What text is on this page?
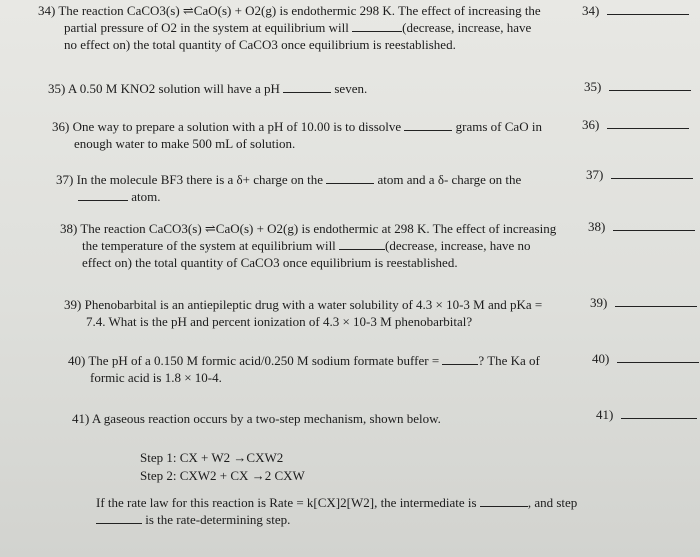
34) The reaction CaCO3(s) ⇌CaO(s) + O2(g) is endothermic 298 K. The effect of increasing the
partial pressure of O2 in the system at equilibrium will	(decrease, increase, have
no effect on) the total quantity of CaCO3 once equilibrium is reestablished.
34)
35) A 0.50 M KNO2 solution will have a pH	seven.	35)
36) One way to prepare a solution with a pH of 10.00 is to dissolve	grams of CaO in
enough water to make 500 mL of solution.
36)
37) In the molecule BF3 there is a δ+ charge on the	atom and a δ- charge on the
atom.
37)
38) The reaction CaCO3(s) ⇌CaO(s) + O2(g) is endothermic at 298 K. The effect of increasing
the temperature of the system at equilibrium will	(decrease, increase, have no
effect on) the total quantity of CaCO3 once equilibrium is reestablished.
38)
39) Phenobarbital is an antiepileptic drug with a water solubility of 4.3 × 10-3 M and pKa =
7.4. What is the pH and percent ionization of 4.3 × 10-3 M phenobarbital?
39)
40) The pH of a 0.150 M formic acid/0.250 M sodium formate buffer =	? The Ka of
formic acid is 1.8 × 10-4.
40)
41) A gaseous reaction occurs by a two-step mechanism, shown below.
Step 1: CX + W2 →CXW2
Step 2: CXW2 + CX →2 CXW
If the rate law for this reaction is Rate = k[CX]2[W2], the intermediate is	, and step
is the rate-determining step.
41)
